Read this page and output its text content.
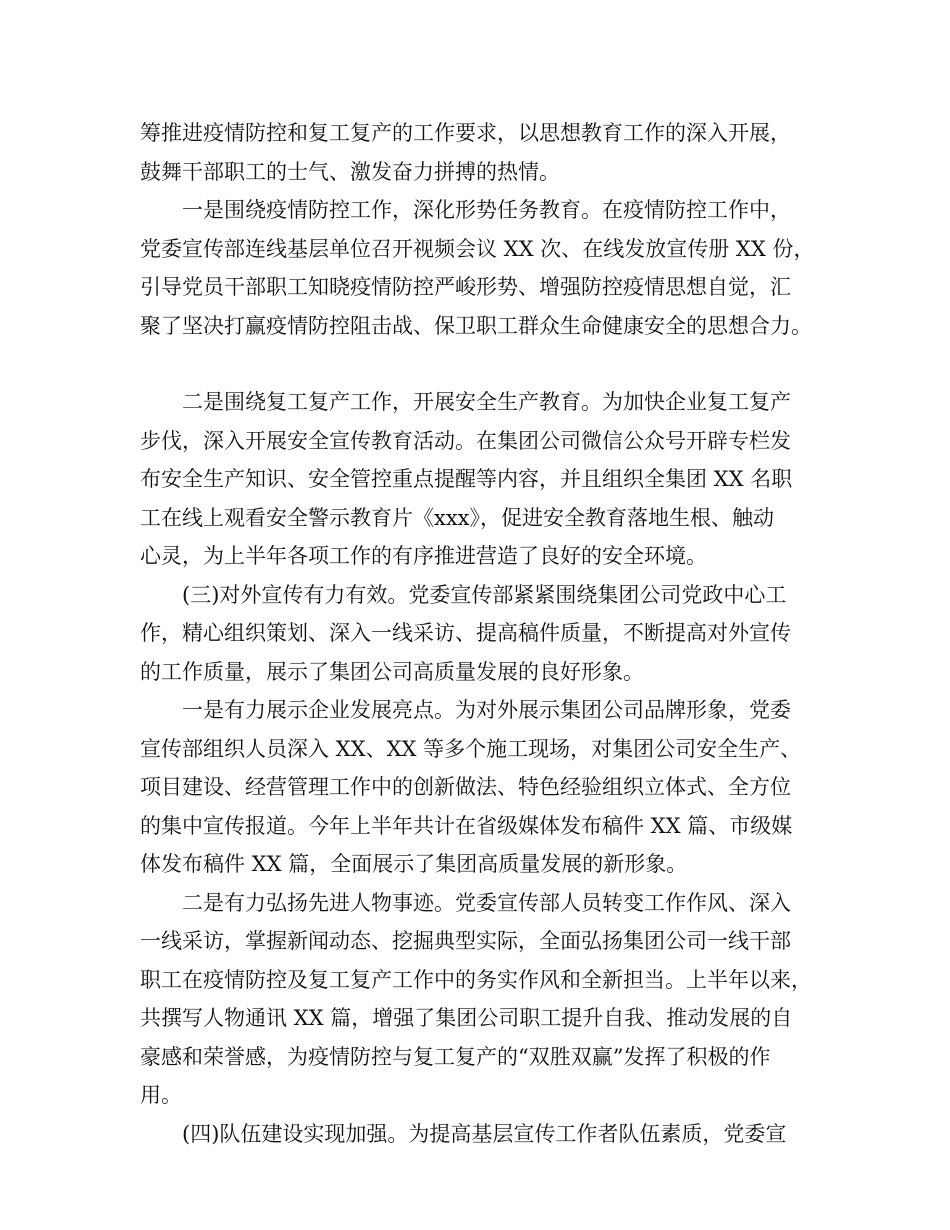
筹推进疫情防控和复工复产的工作要求，以思想教育工作的深入开展，
鼓舞干部职工的士气、激发奋力拼搏的热情。

一是围绕疫情防控工作，深化形势任务教育。在疫情防控工作中，
党委宣传部连线基层单位召开视频会议 XX 次、在线发放宣传册 XX 份，
引导党员干部职工知晓疫情防控严峻形势、增强防控疫情思想自觉，汇
聚了坚决打赢疫情防控阻击战、保卫职工群众生命健康安全的思想合力。

二是围绕复工复产工作，开展安全生产教育。为加快企业复工复产
步伐，深入开展安全宣传教育活动。在集团公司微信公众号开辟专栏发
布安全生产知识、安全管控重点提醒等内容，并且组织全集团 XX 名职
工在线上观看安全警示教育片《xxx》，促进安全教育落地生根、触动
心灵，为上半年各项工作的有序推进营造了良好的安全环境。

(三)对外宣传有力有效。党委宣传部紧紧围绕集团公司党政中心工
作，精心组织策划、深入一线采访、提高稿件质量，不断提高对外宣传
的工作质量，展示了集团公司高质量发展的良好形象。

一是有力展示企业发展亮点。为对外展示集团公司品牌形象，党委
宣传部组织人员深入 XX、XX 等多个施工现场，对集团公司安全生产、
项目建设、经营管理工作中的创新做法、特色经验组织立体式、全方位
的集中宣传报道。今年上半年共计在省级媒体发布稿件 XX 篇、市级媒
体发布稿件 XX 篇，全面展示了集团高质量发展的新形象。

二是有力弘扬先进人物事迹。党委宣传部人员转变工作作风、深入
一线采访，掌握新闻动态、挖掘典型实际，全面弘扬集团公司一线干部
职工在疫情防控及复工复产工作中的务实作风和全新担当。上半年以来，
共撰写人物通讯 XX 篇，增强了集团公司职工提升自我、推动发展的自
豪感和荣誉感，为疫情防控与复工复产的“双胜双赢”发挥了积极的作
用。

(四)队伍建设实现加强。为提高基层宣传工作者队伍素质，党委宣
